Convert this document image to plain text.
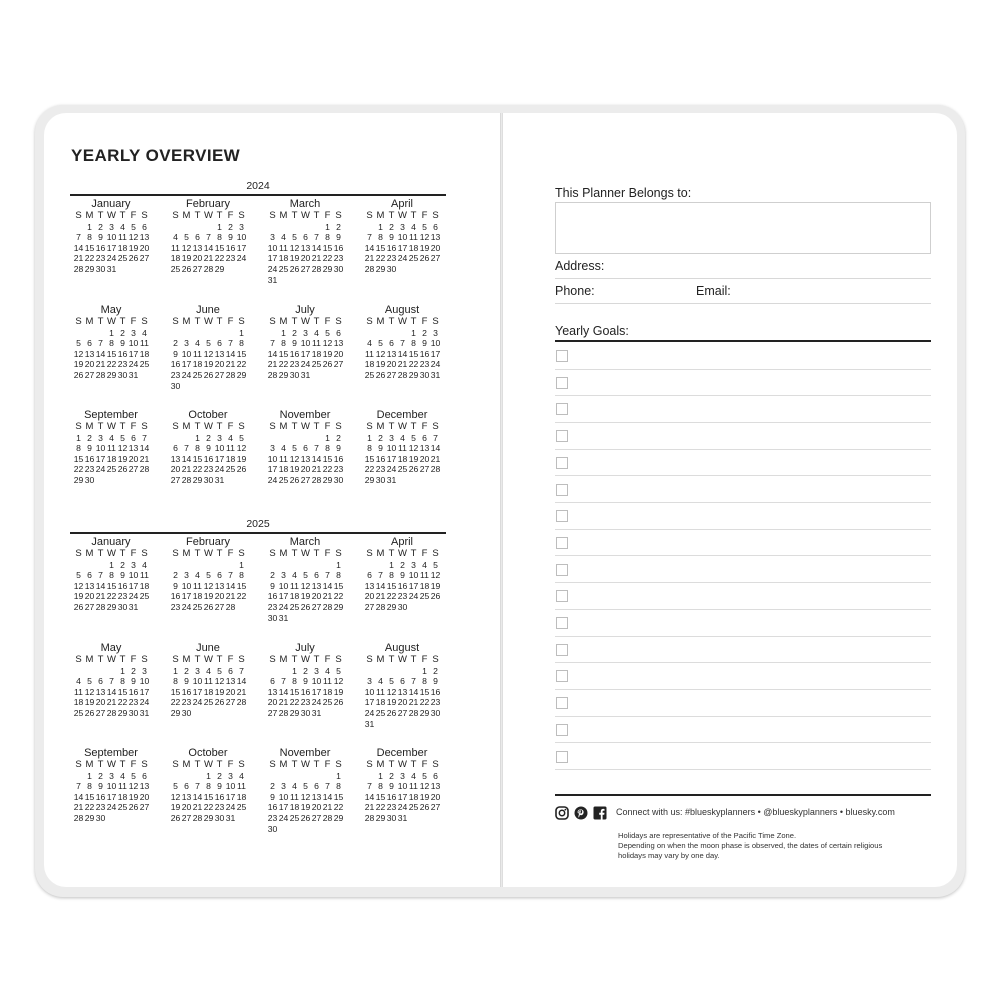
YEARLY OVERVIEW
2024
January
S M T W T F S
1 2 3 4 5 6
7 8 9 10 11 12 13
14 15 16 17 18 19 20
21 22 23 24 25 26 27
28 29 30 31
February
S M T W T F S
1 2 3
4 5 6 7 8 9 10
11 12 13 14 15 16 17
18 19 20 21 22 23 24
25 26 27 28 29
March
S M T W T F S
1 2
3 4 5 6 7 8 9
10 11 12 13 14 15 16
17 18 19 20 21 22 23
24 25 26 27 28 29 30
31
April
S M T W T F S
1 2 3 4 5 6
7 8 9 10 11 12 13
14 15 16 17 18 19 20
21 22 23 24 25 26 27
28 29 30
May
S M T W T F S
1 2 3 4
5 6 7 8 9 10 11
12 13 14 15 16 17 18
19 20 21 22 23 24 25
26 27 28 29 30 31
June
S M T W T F S
1
2 3 4 5 6 7 8
9 10 11 12 13 14 15
16 17 18 19 20 21 22
23 24 25 26 27 28 29
30
July
S M T W T F S
1 2 3 4 5 6
7 8 9 10 11 12 13
14 15 16 17 18 19 20
21 22 23 24 25 26 27
28 29 30 31
August
S M T W T F S
1 2 3
4 5 6 7 8 9 10
11 12 13 14 15 16 17
18 19 20 21 22 23 24
25 26 27 28 29 30 31
September
S M T W T F S
1 2 3 4 5 6 7
8 9 10 11 12 13 14
15 16 17 18 19 20 21
22 23 24 25 26 27 28
29 30
October
S M T W T F S
1 2 3 4 5
6 7 8 9 10 11 12
13 14 15 16 17 18 19
20 21 22 23 24 25 26
27 28 29 30 31
November
S M T W T F S
1 2
3 4 5 6 7 8 9
10 11 12 13 14 15 16
17 18 19 20 21 22 23
24 25 26 27 28 29 30
December
S M T W T F S
1 2 3 4 5 6 7
8 9 10 11 12 13 14
15 16 17 18 19 20 21
22 23 24 25 26 27 28
29 30 31
2025
January
S M T W T F S
1 2 3 4
5 6 7 8 9 10 11
12 13 14 15 16 17 18
19 20 21 22 23 24 25
26 27 28 29 30 31
February
S M T W T F S
1
2 3 4 5 6 7 8
9 10 11 12 13 14 15
16 17 18 19 20 21 22
23 24 25 26 27 28
March
S M T W T F S
1
2 3 4 5 6 7 8
9 10 11 12 13 14 15
16 17 18 19 20 21 22
23 24 25 26 27 28 29
30 31
April
S M T W T F S
1 2 3 4 5
6 7 8 9 10 11 12
13 14 15 16 17 18 19
20 21 22 23 24 25 26
27 28 29 30
May
S M T W T F S
1 2 3
4 5 6 7 8 9 10
11 12 13 14 15 16 17
18 19 20 21 22 23 24
25 26 27 28 29 30 31
June
S M T W T F S
1 2 3 4 5 6 7
8 9 10 11 12 13 14
15 16 17 18 19 20 21
22 23 24 25 26 27 28
29 30
July
S M T W T F S
1 2 3 4 5
6 7 8 9 10 11 12
13 14 15 16 17 18 19
20 21 22 23 24 25 26
27 28 29 30 31
August
S M T W T F S
1 2
3 4 5 6 7 8 9
10 11 12 13 14 15 16
17 18 19 20 21 22 23
24 25 26 27 28 29 30
31
September
S M T W T F S
1 2 3 4 5 6
7 8 9 10 11 12 13
14 15 16 17 18 19 20
21 22 23 24 25 26 27
28 29 30
October
S M T W T F S
1 2 3 4
5 6 7 8 9 10 11
12 13 14 15 16 17 18
19 20 21 22 23 24 25
26 27 28 29 30 31
November
S M T W T F S
1
2 3 4 5 6 7 8
9 10 11 12 13 14 15
16 17 18 19 20 21 22
23 24 25 26 27 28 29
30
December
S M T W T F S
1 2 3 4 5 6
7 8 9 10 11 12 13
14 15 16 17 18 19 20
21 22 23 24 25 26 27
28 29 30 31
This Planner Belongs to:
Address:
Phone:	Email:
Yearly Goals:
Connect with us: #blueskyplanners • @blueskyplanners • bluesky.com
Holidays are representative of the Pacific Time Zone.
Depending on when the moon phase is observed, the dates of certain religious
holidays may vary by one day.
